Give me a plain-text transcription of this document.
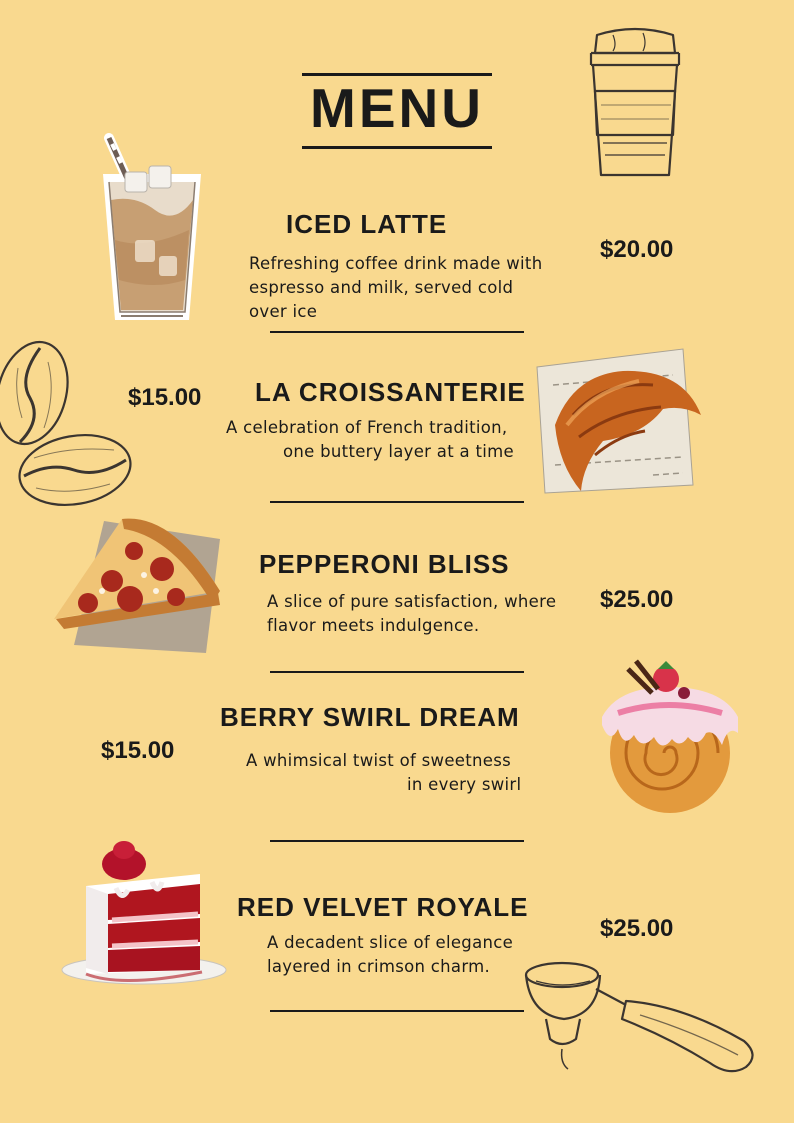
MENU
ICED LATTE
Refreshing coffee drink made with
espresso and milk, served cold
over ice
$20.00
$15.00 LA CROISSANTERIE
A celebration of French tradition,
one buttery layer at a time
PEPPERONI BLISS
A slice of pure satisfaction, where
flavor meets indulgence.
$25.00
BERRY SWIRL DREAM
$15.00	A whimsical twist of sweetness
in every swirl
RED VELVET ROYALE
A decadent slice of elegance
layered in crimson charm.
$25.00
